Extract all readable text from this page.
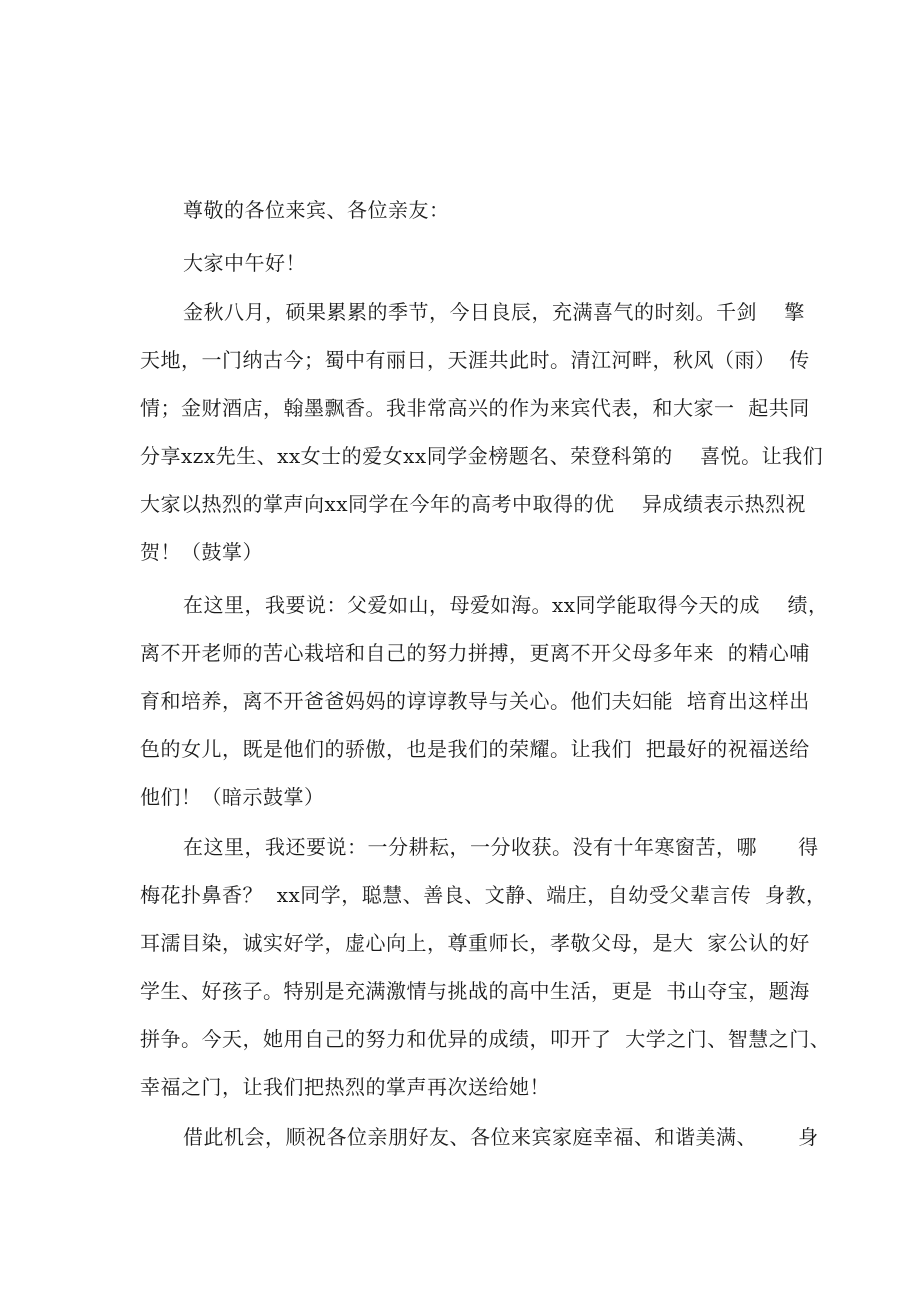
尊敬的各位来宾、各位亲友：
大家中午好！
金秋八月，硕果累累的季节，今日良辰，充满喜气的时刻。千剑    擎
天地，一门纳古今；蜀中有丽日，天涯共此时。清江河畔，秋风（雨）  传
情；金财酒店，翰墨飘香。我非常高兴的作为来宾代表，和大家一  起共同
分享xzx先生、xx女士的爱女xx同学金榜题名、荣登科第的    喜悦。让我们
大家以热烈的掌声向xx同学在今年的高考中取得的优    异成绩表示热烈祝
贺！（鼓掌）
在这里，我要说：父爱如山，母爱如海。xx同学能取得今天的成    绩，
离不开老师的苦心栽培和自己的努力拼搏，更离不开父母多年来  的精心哺
育和培养，离不开爸爸妈妈的谆谆教导与关心。他们夫妇能  培育出这样出
色的女儿，既是他们的骄傲，也是我们的荣耀。让我们  把最好的祝福送给
他们！（暗示鼓掌）
在这里，我还要说：一分耕耘，一分收获。没有十年寒窗苦，哪      得
梅花扑鼻香？  xx同学，聪慧、善良、文静、端庄，自幼受父辈言传  身教，
耳濡目染，诚实好学，虚心向上，尊重师长，孝敬父母，是大  家公认的好
学生、好孩子。特别是充满激情与挑战的高中生活，更是  书山夺宝，题海
拼争。今天，她用自己的努力和优异的成绩，叩开了  大学之门、智慧之门、
幸福之门，让我们把热烈的掌声再次送给她！
借此机会，顺祝各位亲朋好友、各位来宾家庭幸福、和谐美满、      身
